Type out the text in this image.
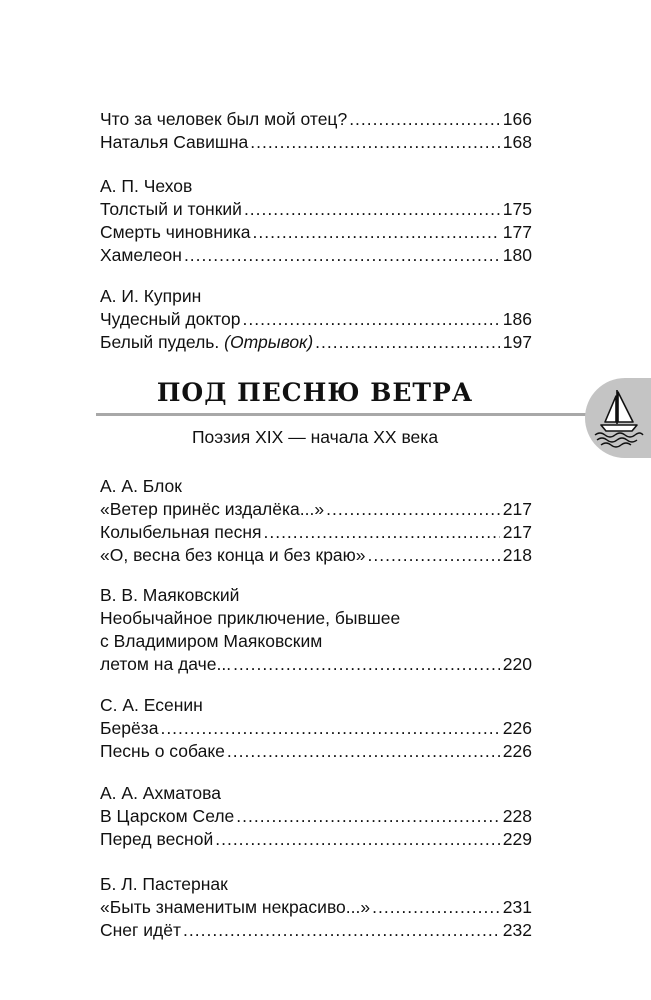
Что за человек был мой отец? .....	166
Наталья Савишна .....	168
А. П. Чехов
Толстый и тонкий .....	175
Смерть чиновника .....	177
Хамелеон .....	180
А. И. Куприн
Чудесный доктор .....	186
Белый пудель. (Отрывок) .....	197
ПОД ПЕСНЮ ВЕТРА
Поэзия XIX — начала XX века
А. А. Блок
«Ветер принёс издалёка...» .....	217
Колыбельная песня .....	217
«О, весна без конца и без краю» .....	218
В. В. Маяковский
Необычайное приключение, бывшее
с Владимиром Маяковским
летом на даче... .....	220
С. А. Есенин
Берёза .....	226
Песнь о собаке .....	226
А. А. Ахматова
В Царском Селе .....	228
Перед весной .....	229
Б. Л. Пастернак
«Быть знаменитым некрасиво...» .....	231
Снег идёт .....	232
